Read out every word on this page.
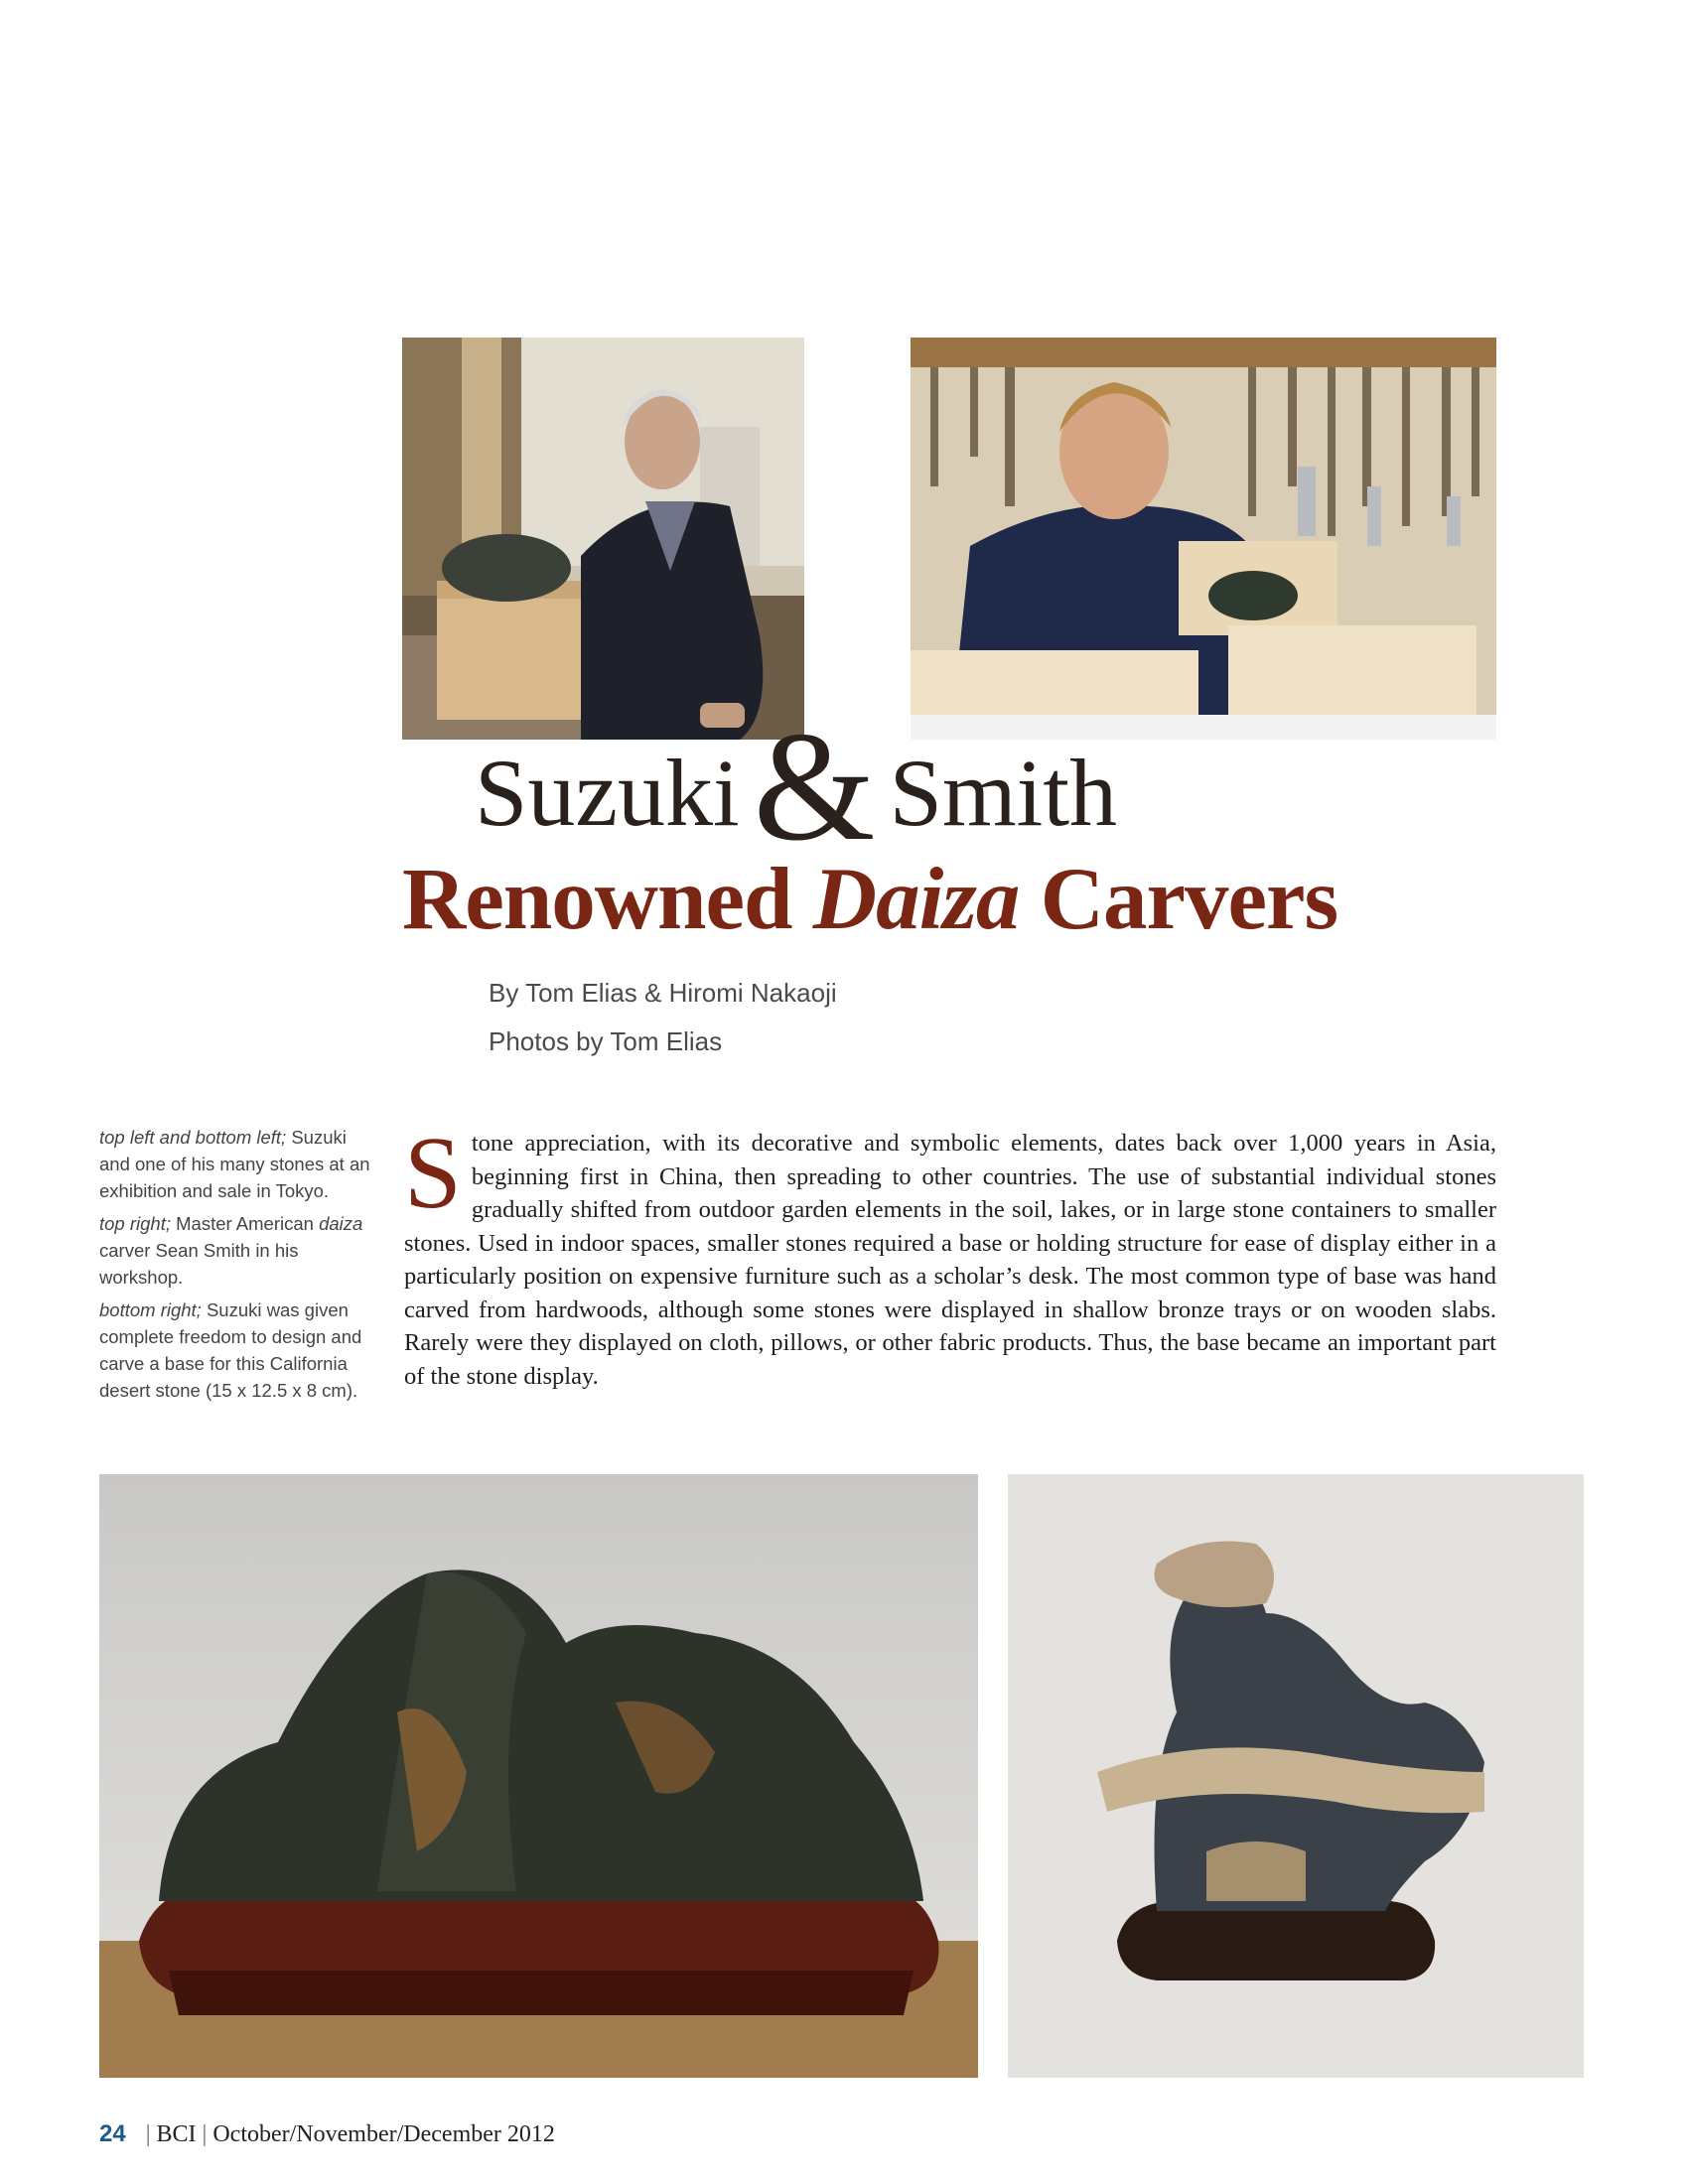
Suzuki & Smith
Renowned Daiza Carvers
By Tom Elias & Hiromi Nakaoji
Photos by Tom Elias

top left and bottom left; Suzuki and one of his many stones at an exhibition and sale in Tokyo.

top right; Master American daiza carver Sean Smith in his workshop.

bottom right; Suzuki was given complete freedom to design and carve a base for this California desert stone (15 x 12.5 x 8 cm).

Stone appreciation, with its decorative and symbolic elements, dates back over 1,000 years in Asia, beginning first in China, then spreading to other countries. The use of substantial individual stones gradually shifted from outdoor garden elements in the soil, lakes, or in large stone containers to smaller stones. Used in indoor spaces, smaller stones required a base or holding structure for ease of display either in a particularly position on expensive furniture such as a scholar’s desk. The most common type of base was hand carved from hardwoods, although some stones were displayed in shallow bronze trays or on wooden slabs. Rarely were they displayed on cloth, pillows, or other fabric products. Thus, the base became an important part of the stone display.
24 | BCI | October/November/December 2012
